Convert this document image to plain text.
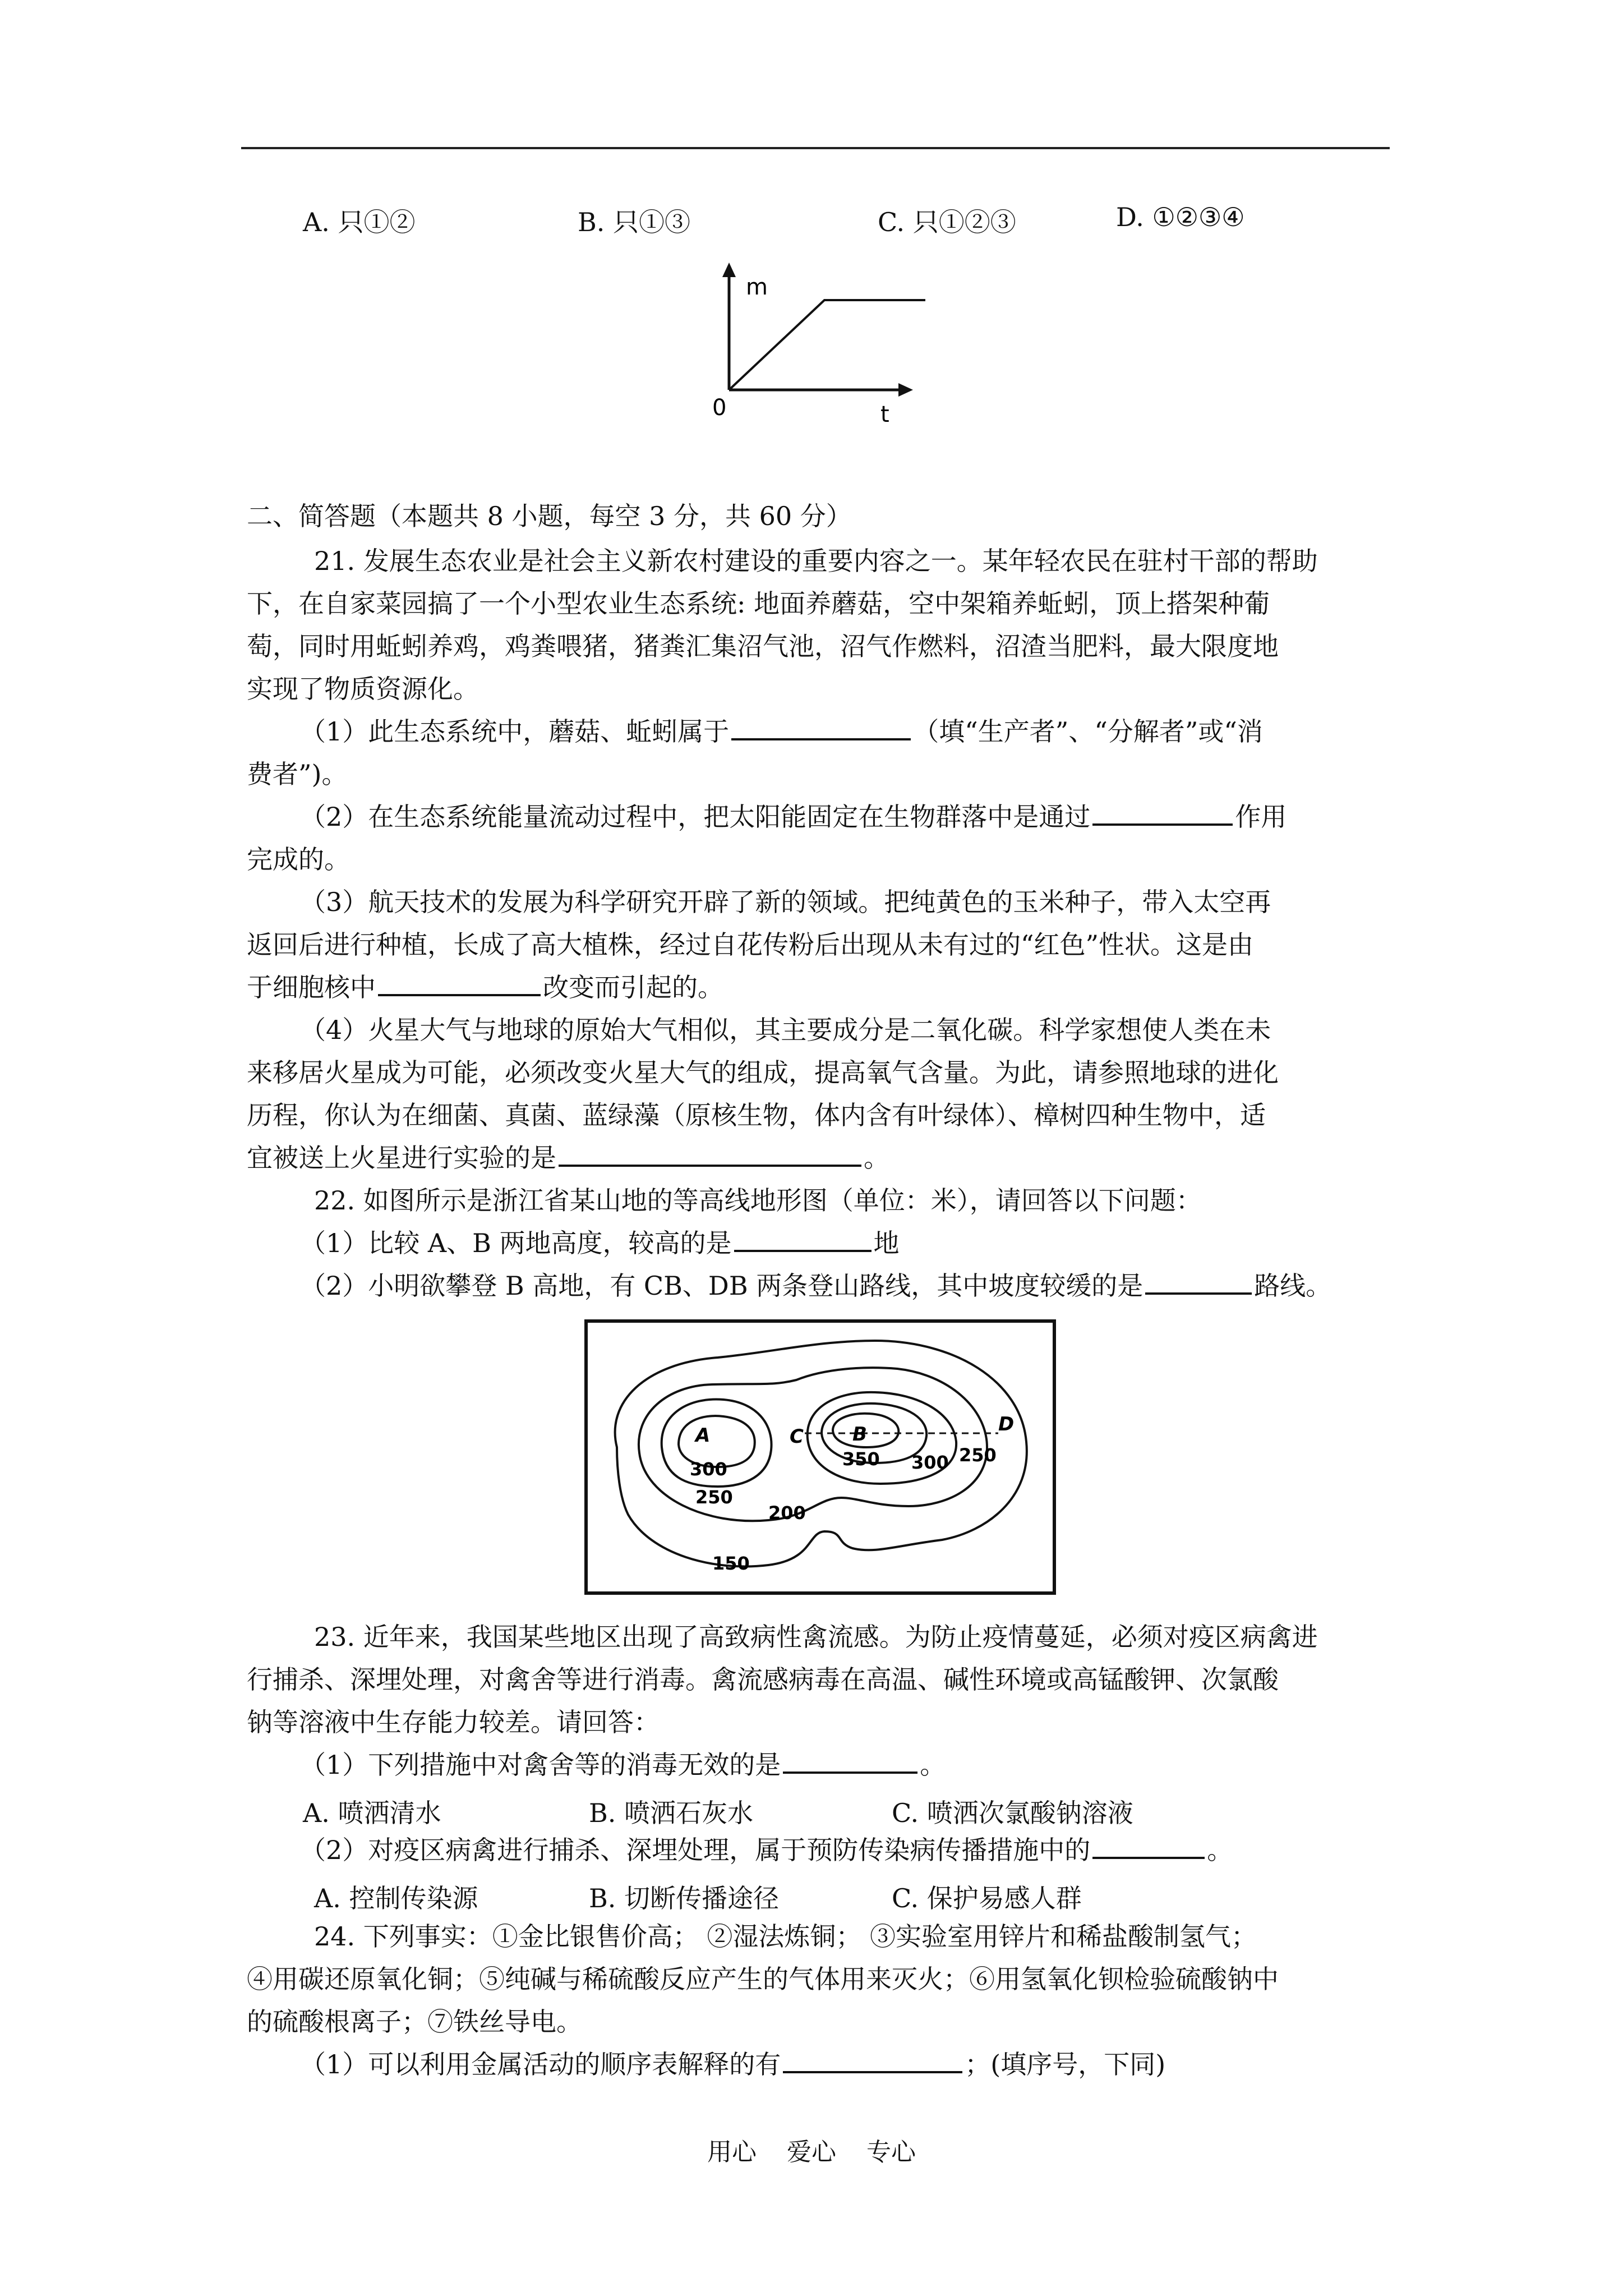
A. 只①②	B. 只①③	C. 只①②③	D. ①②③④
m
t
0
二、简答题（本题共 8 小题，每空 3 分，共 60 分）
21. 发展生态农业是社会主义新农村建设的重要内容之一。某年轻农民在驻村干部的帮助
下，在自家菜园搞了一个小型农业生态系统: 地面养蘑菇，空中架箱养蚯蚓，顶上搭架种葡
萄，同时用蚯蚓养鸡，鸡粪喂猪，猪粪汇集沼气池，沼气作燃料，沼渣当肥料，最大限度地
实现了物质资源化。
（1）此生态系统中，蘑菇、蚯蚓属于	（填“生产者”、“分解者”或“消
费者”)。
（2）在生态系统能量流动过程中，把太阳能固定在生物群落中是通过	作用
完成的。
（3）航天技术的发展为科学研究开辟了新的领域。把纯黄色的玉米种子，带入太空再
返回后进行种植，长成了高大植株，经过自花传粉后出现从未有过的“红色”性状。这是由
于细胞核中	改变而引起的。
（4）火星大气与地球的原始大气相似，其主要成分是二氧化碳。科学家想使人类在未
来移居火星成为可能，必须改变火星大气的组成，提高氧气含量。为此，请参照地球的进化
历程，你认为在细菌、真菌、蓝绿藻（原核生物，体内含有叶绿体）、樟树四种生物中，适
宜被送上火星进行实验的是	。
22. 如图所示是浙江省某山地的等高线地形图（单位：米），请回答以下问题：
（1）比较 A、B 两地高度，较高的是	地
（2）小明欲攀登 B 高地，有 CB、DB 两条登山路线，其中坡度较缓的是	路线。
A	B
C
D
300
250
200
150
350 300 250
23. 近年来，我国某些地区出现了高致病性禽流感。为防止疫情蔓延，必须对疫区病禽进
行捕杀、深埋处理，对禽舍等进行消毒。禽流感病毒在高温、碱性环境或高锰酸钾、次氯酸
钠等溶液中生存能力较差。请回答：
（1）下列措施中对禽舍等的消毒无效的是	。
A. 喷洒清水	B. 喷洒石灰水	C. 喷洒次氯酸钠溶液
（2）对疫区病禽进行捕杀、深埋处理，属于预防传染病传播措施中的	。
A. 控制传染源	B. 切断传播途径	C. 保护易感人群
24. 下列事实：①金比银售价高； ②湿法炼铜； ③实验室用锌片和稀盐酸制氢气；
④用碳还原氧化铜；⑤纯碱与稀硫酸反应产生的气体用来灭火；⑥用氢氧化钡检验硫酸钠中
的硫酸根离子；⑦铁丝导电。
（1）可以利用金属活动的顺序表解释的有	；(填序号，下同)
用心 爱心 专心
